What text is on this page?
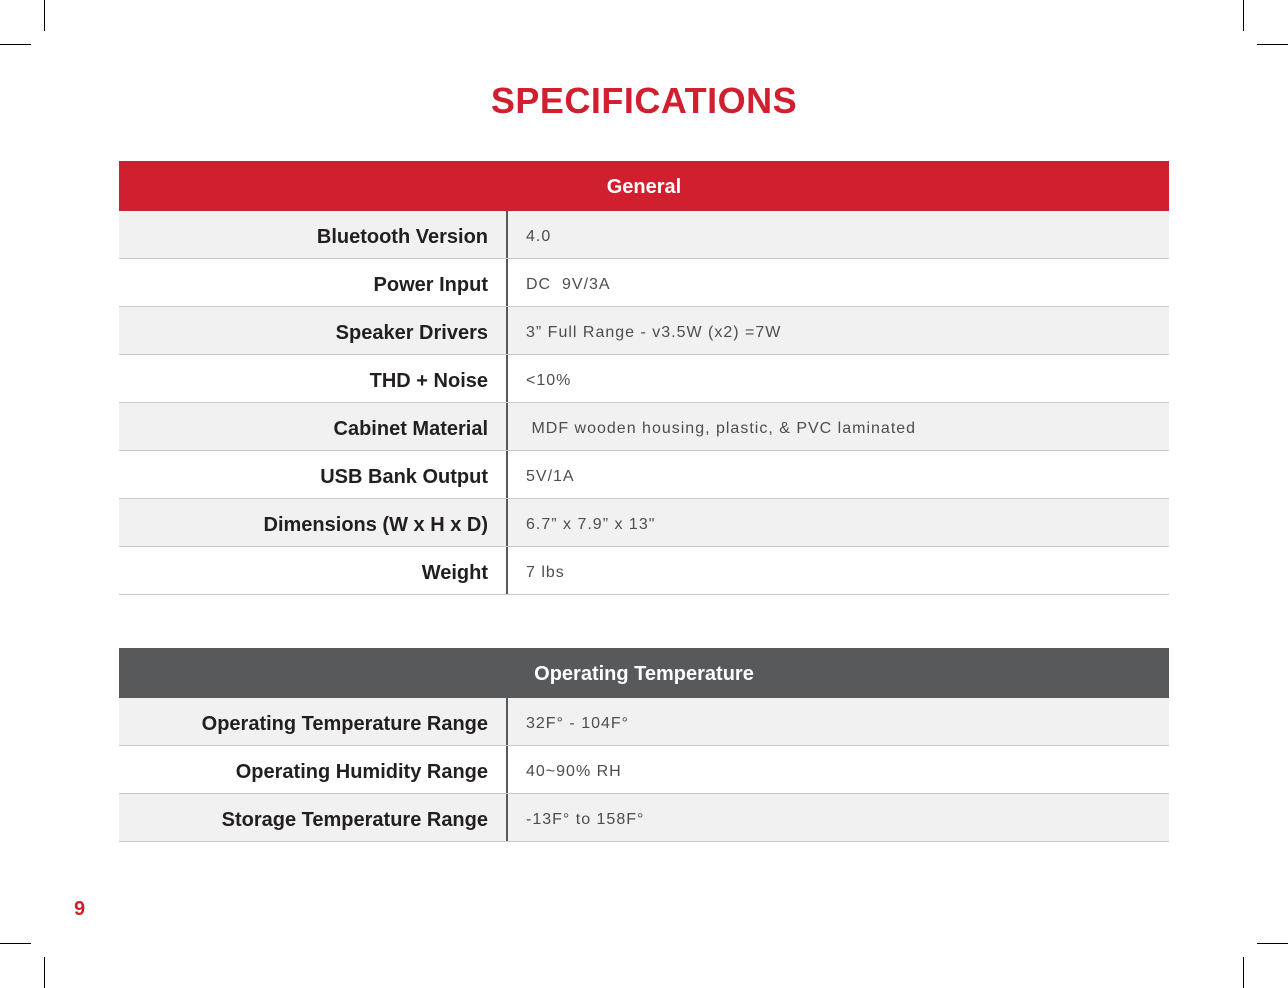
SPECIFICATIONS
General
Bluetooth Version	4.0
Power Input	DC  9V/3A
Speaker Drivers	3” Full Range - v3.5W (x2) =7W
THD + Noise	<10%
Cabinet Material	MDF wooden housing, plastic, & PVC laminated
USB Bank Output	5V/1A
Dimensions (W x H x D)	6.7” x 7.9” x 13"
Weight	7 lbs
Operating Temperature
Operating Temperature Range	32F° - 104F°
Operating Humidity Range	40~90% RH
Storage Temperature Range	-13F° to 158F°
9
